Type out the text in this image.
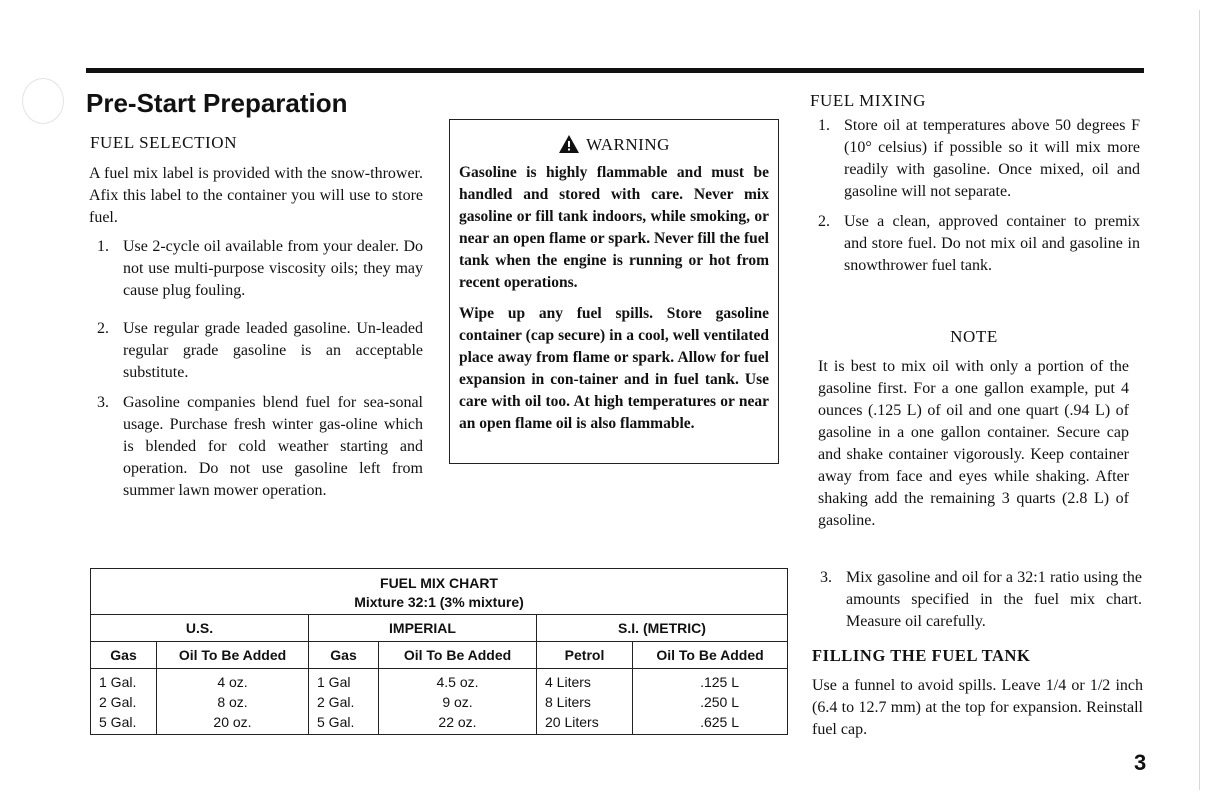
Pre-Start Preparation
FUEL SELECTION

A fuel mix label is provided with the snow-thrower. Afix this label to the container you will use to store fuel.

1. Use 2-cycle oil available from your dealer. Do not use multi-purpose viscosity oils; they may cause plug fouling.
2. Use regular grade leaded gasoline. Un-leaded regular grade gasoline is an acceptable substitute.
3. Gasoline companies blend fuel for sea-sonal usage. Purchase fresh winter gas-oline which is blended for cold weather starting and operation. Do not use gasoline left from summer lawn mower operation.
WARNING

Gasoline is highly flammable and must be handled and stored with care. Never mix gasoline or fill tank indoors, while smoking, or near an open flame or spark. Never fill the fuel tank when the engine is running or hot from recent operations.

Wipe up any fuel spills. Store gasoline container (cap secure) in a cool, well ventilated place away from flame or spark. Allow for fuel expansion in con-tainer and in fuel tank. Use care with oil too. At high temperatures or near an open flame oil is also flammable.

FUEL MIXING
1. Store oil at temperatures above 50 degrees F (10° celsius) if possible so it will mix more readily with gasoline. Once mixed, oil and gasoline will not separate.
2. Use a clean, approved container to premix and store fuel. Do not mix oil and gasoline in snowthrower fuel tank.
NOTE

It is best to mix oil with only a portion of the gasoline first. For a one gallon example, put 4 ounces (.125 L) of oil and one quart (.94 L) of gasoline in a one gallon container. Secure cap and shake container vigorously. Keep container away from face and eyes while shaking. After shaking add the remaining 3 quarts (2.8 L) of gasoline.

3. Mix gasoline and oil for a 32:1 ratio using the amounts specified in the fuel mix chart. Measure oil carefully.
FILLING THE FUEL TANK

Use a funnel to avoid spills. Leave 1/4 or 1/2 inch (6.4 to 12.7 mm) at the top for expansion. Reinstall fuel cap.

FUEL MIX CHART					
Mixture 32:1 (3% mixture)					
U.S.		IMPERIAL		S.I. (METRIC)	
Gas	Oil To Be Added	Gas	Oil To Be Added	Petrol	Oil To Be Added
1 Gal.	4 oz.	1 Gal	4.5 oz.	4 Liters	.125 L
2 Gal.	8 oz.	2 Gal.	9 oz.	8 Liters	.250 L
5 Gal.	20 oz.	5 Gal.	22 oz.	20 Liters	.625 L

3
